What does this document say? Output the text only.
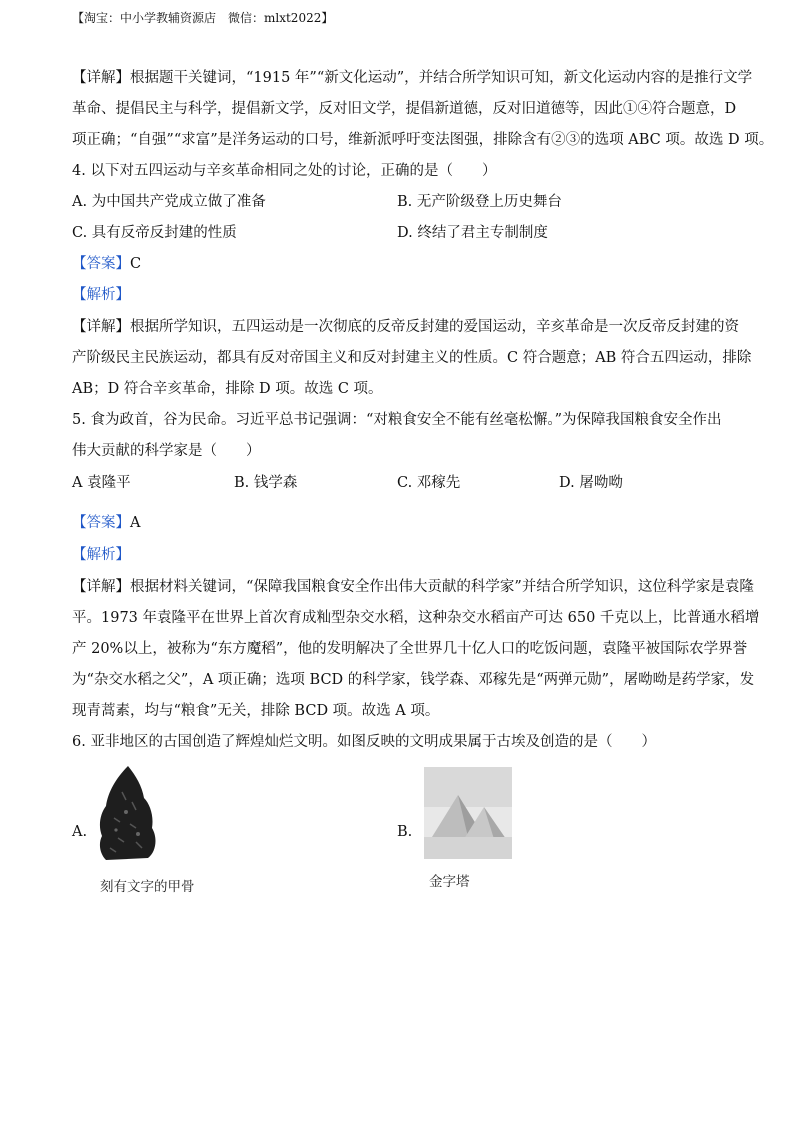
【淘宝：中小学教辅资源店　微信：mlxt2022】
【详解】根据题干关键词，“1915 年”“新文化运动”，并结合所学知识可知，新文化运动内容的是推行文学
革命、提倡民主与科学，提倡新文学，反对旧文学，提倡新道德，反对旧道德等，因此①④符合题意，D
项正确；“自强”“求富”是洋务运动的口号，维新派呼吁变法图强，排除含有②③的选项 ABC 项。故选 D 项。
4. 以下对五四运动与辛亥革命相同之处的讨论，正确的是（　　）
A. 为中国共产党成立做了准备	B. 无产阶级登上历史舞台
C. 具有反帝反封建的性质	D. 终结了君主专制制度
【答案】C
【解析】
【详解】根据所学知识，五四运动是一次彻底的反帝反封建的爱国运动，辛亥革命是一次反帝反封建的资
产阶级民主民族运动，都具有反对帝国主义和反对封建主义的性质。C 符合题意；AB 符合五四运动，排除
AB；D 符合辛亥革命，排除 D 项。故选 C 项。
5. 食为政首，谷为民命。习近平总书记强调：“对粮食安全不能有丝毫松懈。”为保障我国粮食安全作出
伟大贡献的科学家是（　　）
A 袁隆平	B. 钱学森	C. 邓稼先	D. 屠呦呦
【答案】A
【解析】
【详解】根据材料关键词，“保障我国粮食安全作出伟大贡献的科学家”并结合所学知识，这位科学家是袁隆
平。1973 年袁隆平在世界上首次育成籼型杂交水稻，这种杂交水稻亩产可达 650 千克以上，比普通水稻增
产 20%以上，被称为“东方魔稻”，他的发明解决了全世界几十亿人口的吃饭问题，袁隆平被国际农学界誉
为“杂交水稻之父”，A 项正确；选项 BCD 的科学家，钱学森、邓稼先是“两弹元勋”，屠呦呦是药学家，发
现青蒿素，均与“粮食”无关，排除 BCD 项。故选 A 项。
6. 亚非地区的古国创造了辉煌灿烂文明。如图反映的文明成果属于古埃及创造的是（　　）
A.
刻有文字的甲骨
B.
金字塔
